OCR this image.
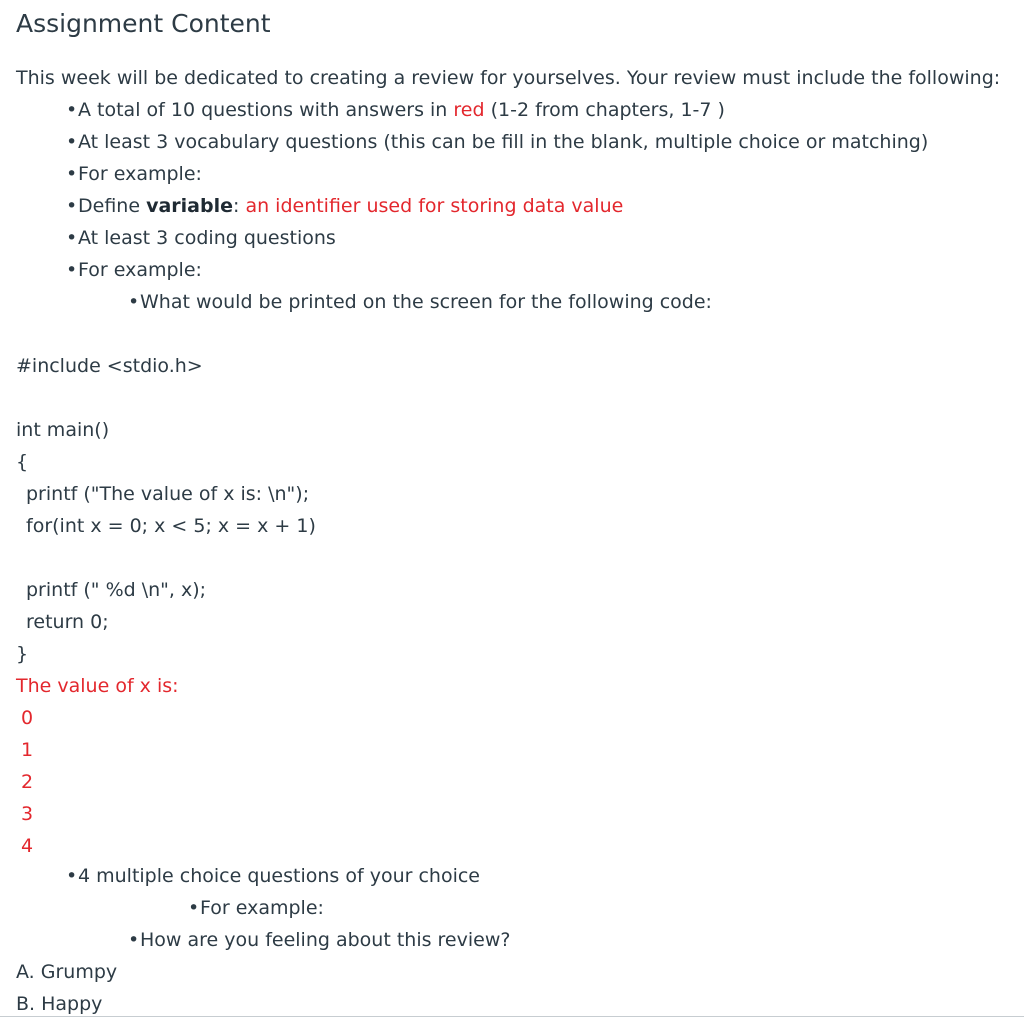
Assignment Content
This week will be dedicated to creating a review for yourselves. Your review must include the following:
• A total of 10 questions with answers in red (1-2 from chapters, 1-7 )
• At least 3 vocabulary questions (this can be fill in the blank, multiple choice or matching)
• For example:
• Define variable: an identifier used for storing data value
• At least 3 coding questions
• For example:
• What would be printed on the screen for the following code:
#include <stdio.h>
int main()
{
printf ("The value of x is: \n");
for(int x = 0; x < 5; x = x + 1)
printf (" %d \n", x);
return 0;
}
The value of x is:
0
1
2
3
4
• 4 multiple choice questions of your choice
• For example:
• How are you feeling about this review?
A. Grumpy
B. Happy
